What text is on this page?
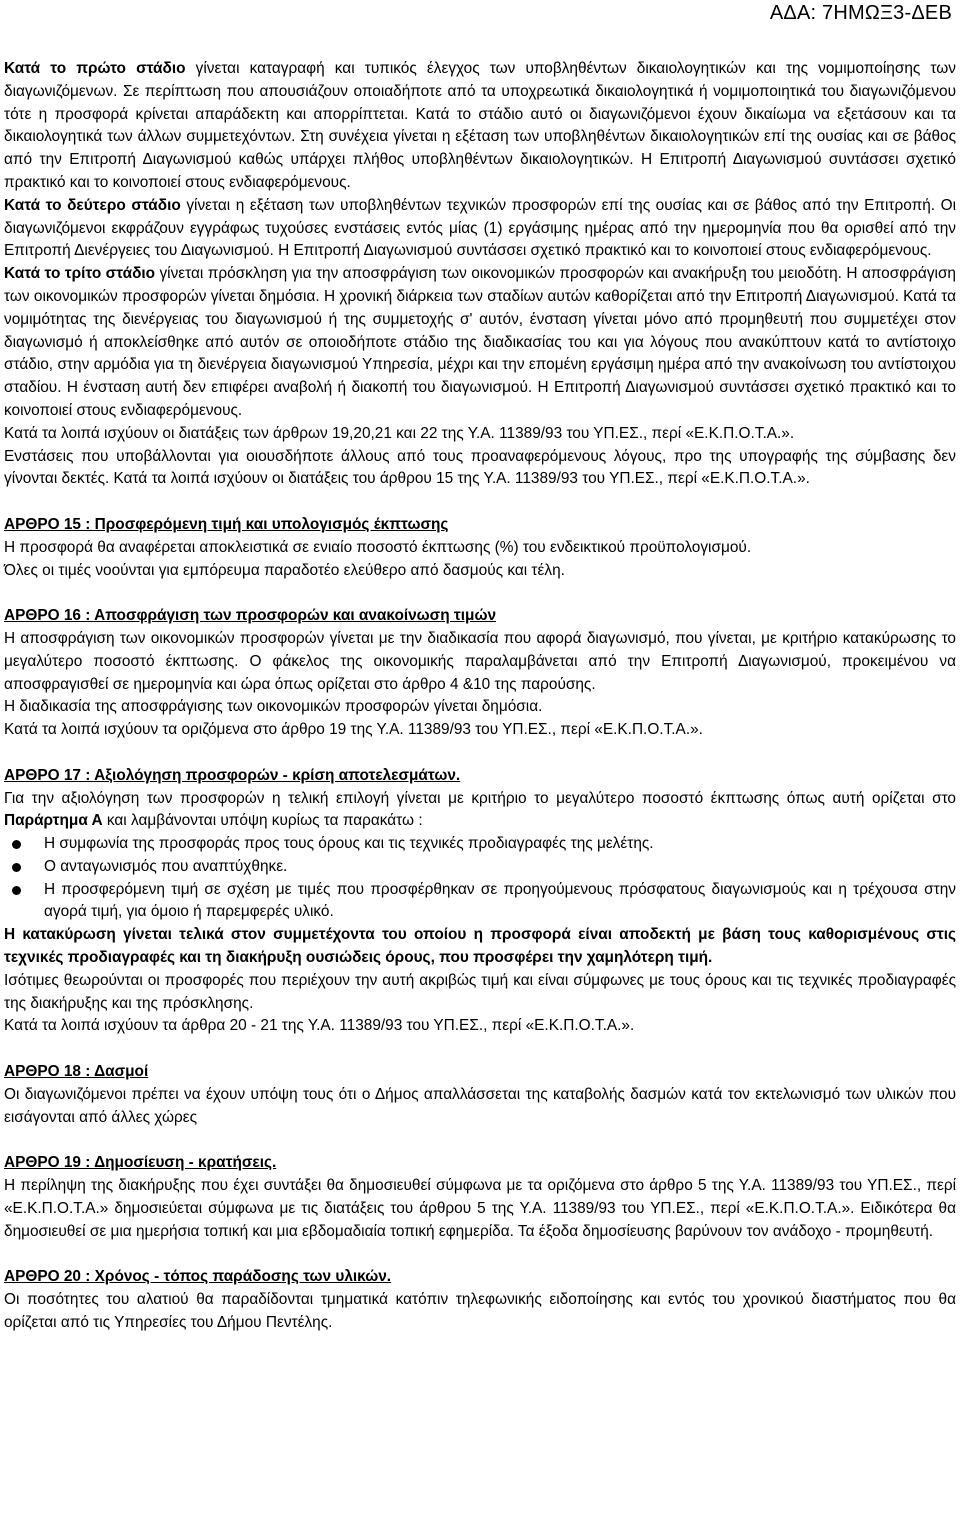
ΑΔΑ: 7ΗΜΩΞ3-ΔΕΒ

Κατά το πρώτο στάδιο γίνεται καταγραφή και τυπικός έλεγχος των υποβληθέντων δικαιολογητικών και της νομιμοποίησης των διαγωνιζόμενων. Σε περίπτωση που απουσιάζουν οποιαδήποτε από τα υποχρεωτικά δικαιολογητικά ή νομιμοποιητικά του διαγωνιζόμενου τότε η προσφορά κρίνεται απαράδεκτη και απορρίπτεται. Κατά το στάδιο αυτό οι διαγωνιζόμενοι έχουν δικαίωμα να εξετάσουν και τα δικαιολογητικά των άλλων συμμετεχόντων. Στη συνέχεια γίνεται η εξέταση των υποβληθέντων δικαιολογητικών επί της ουσίας και σε βάθος από την Επιτροπή Διαγωνισμού καθώς υπάρχει πλήθος υποβληθέντων δικαιολογητικών. Η Επιτροπή Διαγωνισμού συντάσσει σχετικό πρακτικό και το κοινοποιεί στους ενδιαφερόμενους.

Κατά το δεύτερο στάδιο γίνεται η εξέταση των υποβληθέντων τεχνικών προσφορών επί της ουσίας και σε βάθος από την Επιτροπή. Οι διαγωνιζόμενοι εκφράζουν εγγράφως τυχούσες ενστάσεις εντός μίας (1) εργάσιμης ημέρας από την ημερομηνία που θα ορισθεί από την Επιτροπή Διενέργειες του Διαγωνισμού. Η Επιτροπή Διαγωνισμού συντάσσει σχετικό πρακτικό και το κοινοποιεί στους ενδιαφερόμενους.

Κατά το τρίτο στάδιο γίνεται πρόσκληση για την αποσφράγιση των οικονομικών προσφορών και ανακήρυξη του μειοδότη. Η αποσφράγιση των οικονομικών προσφορών γίνεται δημόσια. Η χρονική διάρκεια των σταδίων αυτών καθορίζεται από την Επιτροπή Διαγωνισμού. Κατά τα νομιμότητας της διενέργειας του διαγωνισμού ή της συμμετοχής σ' αυτόν, ένσταση γίνεται μόνο από προμηθευτή που συμμετέχει στον διαγωνισμό ή αποκλείσθηκε από αυτόν σε οποιοδήποτε στάδιο της διαδικασίας του και για λόγους που ανακύπτουν κατά το αντίστοιχο στάδιο, στην αρμόδια για τη διενέργεια διαγωνισμού Υπηρεσία, μέχρι και την επομένη εργάσιμη ημέρα από την ανακοίνωση του αντίστοιχου σταδίου. Η ένσταση αυτή δεν επιφέρει αναβολή ή διακοπή του διαγωνισμού. Η Επιτροπή Διαγωνισμού συντάσσει σχετικό πρακτικό και το κοινοποιεί στους ενδιαφερόμενους.

Κατά τα λοιπά ισχύουν οι διατάξεις των άρθρων 19,20,21 και 22 της Υ.Α. 11389/93 του ΥΠ.ΕΣ., περί «Ε.Κ.Π.Ο.Τ.Α.».

Ενστάσεις που υποβάλλονται για οιουσδήποτε άλλους από τους προαναφερόμενους λόγους, προ της υπογραφής της σύμβασης δεν γίνονται δεκτές. Κατά τα λοιπά ισχύουν οι διατάξεις του άρθρου 15 της Υ.Α. 11389/93 του ΥΠ.ΕΣ., περί «Ε.Κ.Π.Ο.Τ.Α.».

ΑΡΘΡΟ 15 : Προσφερόμενη τιμή και υπολογισμός έκπτωσης

Η προσφορά θα αναφέρεται αποκλειστικά σε ενιαίο ποσοστό έκπτωσης (%) του ενδεικτικού προϋπολογισμού.

Όλες οι τιμές νοούνται για εμπόρευμα παραδοτέο ελεύθερο από δασμούς και τέλη.

ΑΡΘΡΟ 16 : Αποσφράγιση των προσφορών και ανακοίνωση τιμών

Η αποσφράγιση των οικονομικών προσφορών γίνεται με την διαδικασία που αφορά διαγωνισμό, που γίνεται, με κριτήριο κατακύρωσης το μεγαλύτερο ποσοστό έκπτωσης. Ο φάκελος της οικονομικής παραλαμβάνεται από την Επιτροπή Διαγωνισμού, προκειμένου να αποσφραγισθεί σε ημερομηνία και ώρα όπως ορίζεται στο άρθρο 4 &10 της παρούσης.

Η διαδικασία της αποσφράγισης των οικονομικών προσφορών γίνεται δημόσια.

Κατά τα λοιπά ισχύουν τα οριζόμενα στο άρθρο 19 της Υ.Α. 11389/93 του ΥΠ.ΕΣ., περί «Ε.Κ.Π.Ο.Τ.Α.».

ΑΡΘΡΟ 17 : Αξιολόγηση προσφορών - κρίση αποτελεσμάτων.

Για την αξιολόγηση των προσφορών η τελική επιλογή γίνεται με κριτήριο το μεγαλύτερο ποσοστό έκπτωσης όπως αυτή ορίζεται στο Παράρτημα Α και λαμβάνονται υπόψη κυρίως τα παρακάτω :

Η συμφωνία της προσφοράς προς τους όρους και τις τεχνικές προδιαγραφές της μελέτης.
Ο ανταγωνισμός που αναπτύχθηκε.
Η προσφερόμενη τιμή σε σχέση με τιμές που προσφέρθηκαν σε προηγούμενους πρόσφατους διαγωνισμούς και η τρέχουσα στην αγορά τιμή, για όμοιο ή παρεμφερές υλικό.

Η κατακύρωση γίνεται τελικά στον συμμετέχοντα του οποίου η προσφορά είναι αποδεκτή με βάση τους καθορισμένους στις τεχνικές προδιαγραφές και τη διακήρυξη ουσιώδεις όρους, που προσφέρει την χαμηλότερη τιμή.

Ισότιμες θεωρούνται οι προσφορές που περιέχουν την αυτή ακριβώς τιμή και είναι σύμφωνες με τους όρους και τις τεχνικές προδιαγραφές της διακήρυξης και της πρόσκλησης.

Κατά τα λοιπά ισχύουν τα άρθρα 20 - 21 της Υ.Α. 11389/93 του ΥΠ.ΕΣ., περί «Ε.Κ.Π.Ο.Τ.Α.».

ΑΡΘΡΟ 18 : Δασμοί

Οι διαγωνιζόμενοι πρέπει να έχουν υπόψη τους ότι ο Δήμος απαλλάσσεται της καταβολής δασμών κατά τον εκτελωνισμό των υλικών που εισάγονται από άλλες χώρες

ΑΡΘΡΟ 19 : Δημοσίευση - κρατήσεις.

Η περίληψη της διακήρυξης που έχει συντάξει θα δημοσιευθεί σύμφωνα με τα οριζόμενα στο άρθρο 5 της Υ.Α. 11389/93 του ΥΠ.ΕΣ., περί «Ε.Κ.Π.Ο.Τ.Α.» δημοσιεύεται σύμφωνα με τις διατάξεις του άρθρου 5 της Υ.Α. 11389/93 του ΥΠ.ΕΣ., περί «Ε.Κ.Π.Ο.Τ.Α.». Ειδικότερα θα δημοσιευθεί σε μια ημερήσια τοπική και μια εβδομαδιαία τοπική εφημερίδα. Τα έξοδα δημοσίευσης βαρύνουν τον ανάδοχο - προμηθευτή.

ΑΡΘΡΟ 20 : Χρόνος - τόπος παράδοσης των υλικών.

Οι ποσότητες του αλατιού θα παραδίδονται τμηματικά κατόπιν τηλεφωνικής ειδοποίησης και εντός του χρονικού διαστήματος που θα ορίζεται από τις Υπηρεσίες του Δήμου Πεντέλης.
